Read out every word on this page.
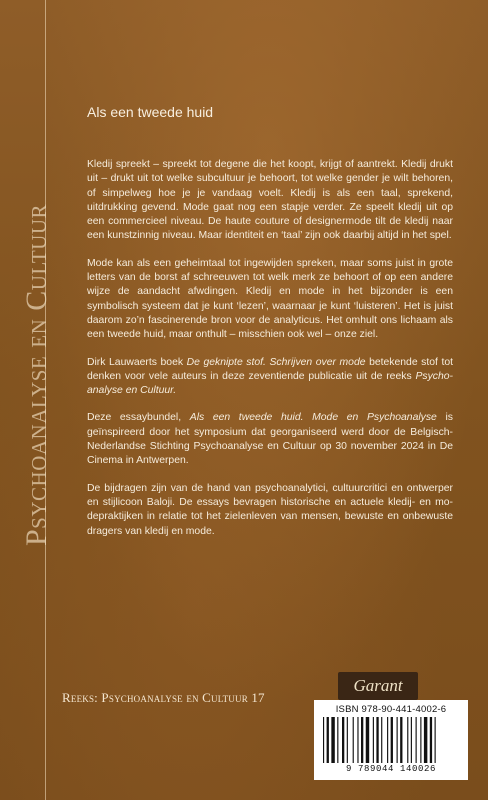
Psychoanalyse en Cultuur
Als een tweede huid

Kledij spreekt – spreekt tot degene die het koopt, krijgt of aantrekt. Kledij drukt uit – drukt uit tot welke subcultuur je behoort, tot welke gender je wilt behoren, of simpelweg hoe je je vandaag voelt. Kledij is als een taal, sprekend, uitdrukking gevend. Mode gaat nog een stapje verder. Ze speelt kledij uit op een commercieel niveau. De haute couture of designermode tilt de kledij naar een kunstzinnig niveau. Maar identiteit en ‘taal’ zijn ook daarbij altijd in het spel.

Mode kan als een geheimtaal tot ingewijden spreken, maar soms juist in grote letters van de borst af schreeuwen tot welk merk ze behoort of op een andere wijze de aandacht afwdingen. Kledij en mode in het bijzonder is een symbolisch systeem dat je kunt ‘lezen’, waarnaar je kunt ‘luisteren’. Het is juist daarom zo’n fascinerende bron voor de analyticus. Het omhult ons lichaam als een tweede huid, maar onthult – misschien ook wel – onze ziel.

Dirk Lauwaerts boek De geknipte stof. Schrijven over mode betekende stof tot denken voor vele auteurs in deze zeventiende publicatie uit de reeks Psychoanalyse en Cultuur.

Deze essaybundel, Als een tweede huid. Mode en Psychoanalyse is geïnspireerd door het symposium dat georganiseerd werd door de Belgisch-Nederlandse Stichting Psychoanalyse en Cultuur op 30 november 2024 in De Cinema in Antwerpen.

De bijdragen zijn van de hand van psychoanalytici, cultuurcritici en ontwerper en stijlicoon Baloji. De essays bevragen historische en actuele kledij- en modepraktijken in relatie tot het zielenleven van mensen, bewuste en onbewuste dragers van kledij en mode.

Reeks: Psychoanalyse en Cultuur 17
Garant
ISBN 978-90-441-4002-6
9 789044 140026
